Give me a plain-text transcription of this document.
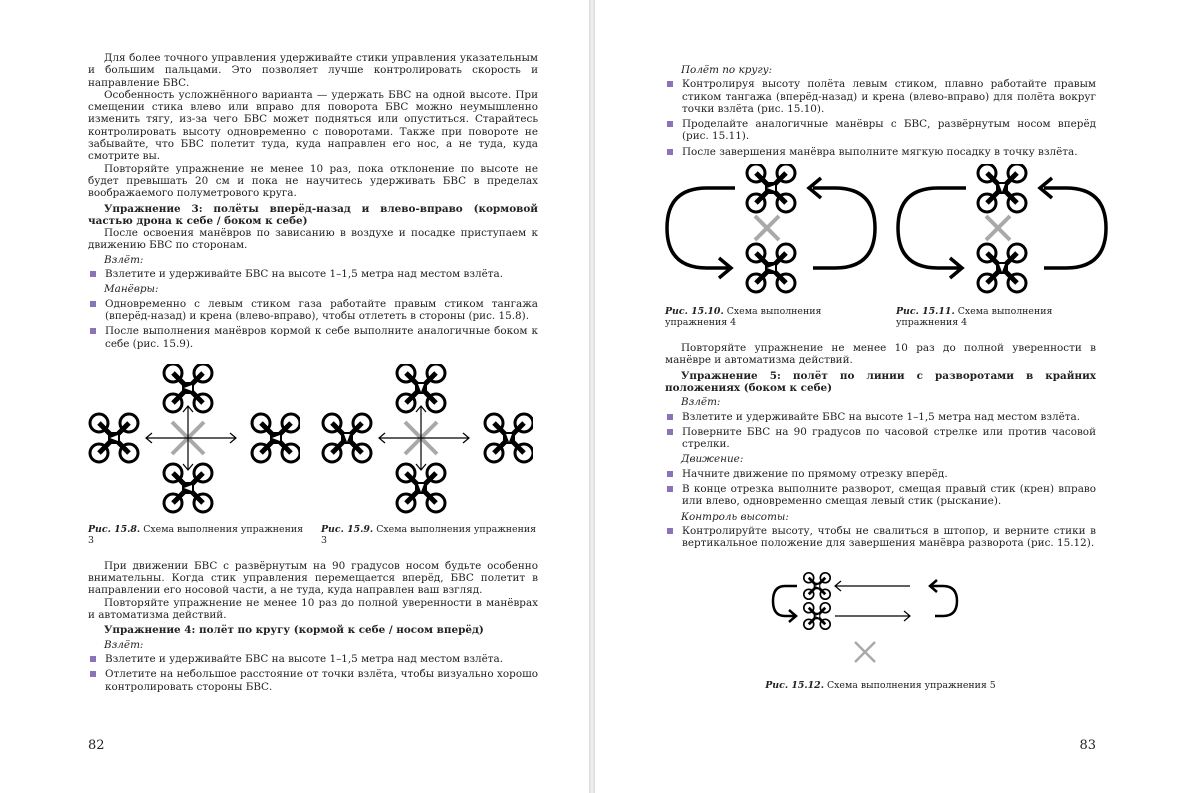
Для более точного управления удерживайте стики управления указательным и большим пальцами. Это позволяет лучше контролировать скорость и направление БВС.

Особенность усложнённого варианта — удержать БВС на одной высоте. При смещении стика влево или вправо для поворота БВС можно неумышленно изменить тягу, из-за чего БВС может подняться или опуститься. Старайтесь контролировать высоту одновременно с поворотами. Также при повороте не забывайте, что БВС полетит туда, куда направлен его нос, а не туда, куда смотрите вы.

Повторяйте упражнение не менее 10 раз, пока отклонение по высоте не будет превышать 20 см и пока не научитесь удерживать БВС в пределах воображаемого полуметрового круга.

Упражнение 3: полёты вперёд-назад и влево-вправо (кормовой частью дрона к себе / боком к себе)

После освоения манёвров по зависанию в воздухе и посадке приступаем к движению БВС по сторонам.

Взлёт:

Взлетите и удерживайте БВС на высоте 1–1,5 метра над местом взлёта.

Манёвры:

Одновременно с левым стиком газа работайте правым стиком тангажа (вперёд-назад) и крена (влево-вправо), чтобы отлететь в стороны (рис. 15.8).
После выполнения манёвров кормой к себе выполните аналогичные боком к себе (рис. 15.9).
Рис. 15.8. Схема выполнения упражнения 3
Рис. 15.9. Схема выполнения упражнения 3

При движении БВС с развёрнутым на 90 градусов носом будьте особенно внимательны. Когда стик управления перемещается вперёд, БВС полетит в направлении его носовой части, а не туда, куда направлен ваш взгляд.

Повторяйте упражнение не менее 10 раз до полной уверенности в манёврах и автоматизма действий.

Упражнение 4: полёт по кругу (кормой к себе / носом вперёд)

Взлёт:

Взлетите и удерживайте БВС на высоте 1–1,5 метра над местом взлёта.
Отлетите на небольшое расстояние от точки взлёта, чтобы визуально хорошо контролировать стороны БВС.
82

Полёт по кругу:

Контролируя высоту полёта левым стиком, плавно работайте правым стиком тангажа (вперёд-назад) и крена (влево-вправо) для полёта вокруг точки взлёта (рис. 15.10).
Проделайте аналогичные манёвры с БВС, развёрнутым носом вперёд (рис. 15.11).
После завершения манёвра выполните мягкую посадку в точку взлёта.
Рис. 15.10. Схема выполнения упражнения 4
Рис. 15.11. Схема выполнения упражнения 4

Повторяйте упражнение не менее 10 раз до полной уверенности в манёвре и автоматизма действий.

Упражнение 5: полёт по линии с разворотами в крайних положениях (боком к себе)

Взлёт:

Взлетите и удерживайте БВС на высоте 1–1,5 метра над местом взлёта.
Поверните БВС на 90 градусов по часовой стрелке или против часовой стрелки.

Движение:

Начните движение по прямому отрезку вперёд.
В конце отрезка выполните разворот, смещая правый стик (крен) вправо или влево, одновременно смещая левый стик (рыскание).

Контроль высоты:

Контролируйте высоту, чтобы не свалиться в штопор, и верните стики в вертикальное положение для завершения манёвра разворота (рис. 15.12).
Рис. 15.12. Схема выполнения упражнения 5
83
